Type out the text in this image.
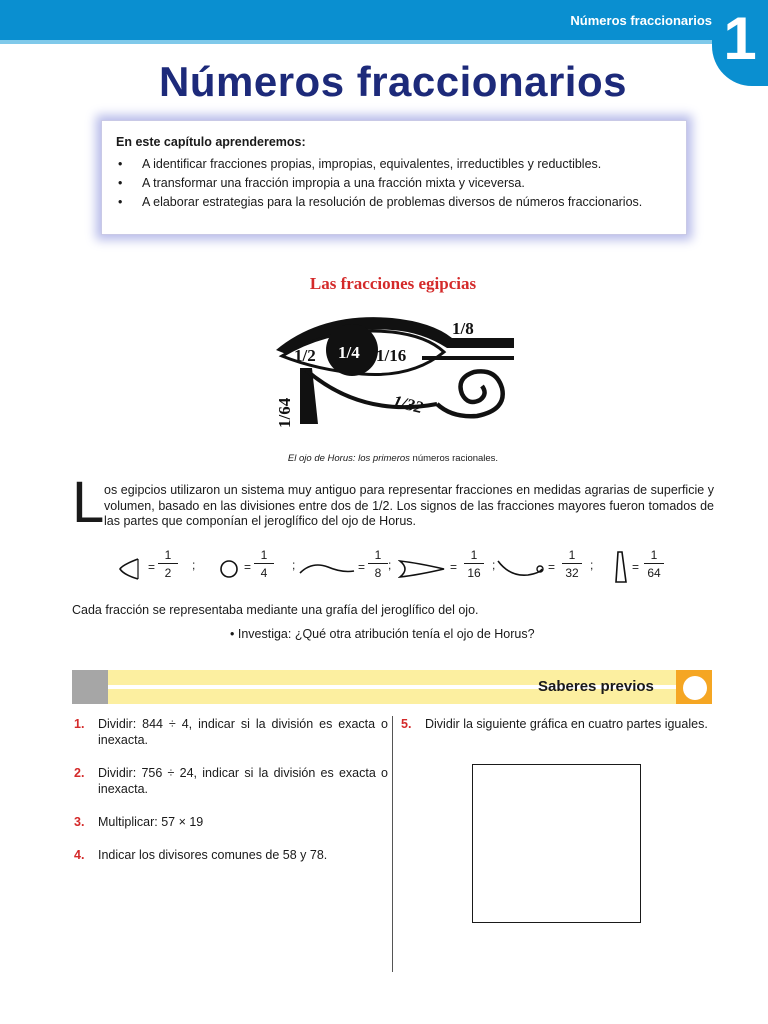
Números fraccionarios 1
Números fraccionarios
En este capítulo aprenderemos:
• A identificar fracciones propias, impropias, equivalentes, irreductibles y reductibles.
• A transformar una fracción impropia a una fracción mixta y viceversa.
• A elaborar estrategias para la resolución de problemas diversos de números fraccionarios.
Las fracciones egipcias
1/8
1/2 1/4 1/16
1/32
1/64
El ojo de Horus: los primeros números racionales.
L os egipcios utilizaron un sistema muy antiguo para representar fracciones en medidas agrarias de superficie y volumen, basado en las divisiones entre dos de 1/2. Los signos de las fracciones mayores fueron tomados de las partes que componían el jeroglífico del ojo de Horus.

= $\frac{1}{2}$ ;	= $\frac{1}{4}$ ;	= $\frac{1}{8}$ ;	= $\frac{1}{16}$ ;	= $\frac{1}{32}$ ;	= $\frac{1}{64}$

Cada fracción se representaba mediante una grafía del jeroglífico del ojo.

• Investiga: ¿Qué otra atribución tenía el ojo de Horus?

Saberes previos
1. Dividir: 844 ÷ 4, indicar si la división es exacta o inexacta.
2. Dividir: 756 ÷ 24, indicar si la división es exacta o inexacta.
3. Multiplicar: 57 × 19
4. Indicar los divisores comunes de 58 y 78.
5. Dividir la siguiente gráfica en cuatro partes iguales.
